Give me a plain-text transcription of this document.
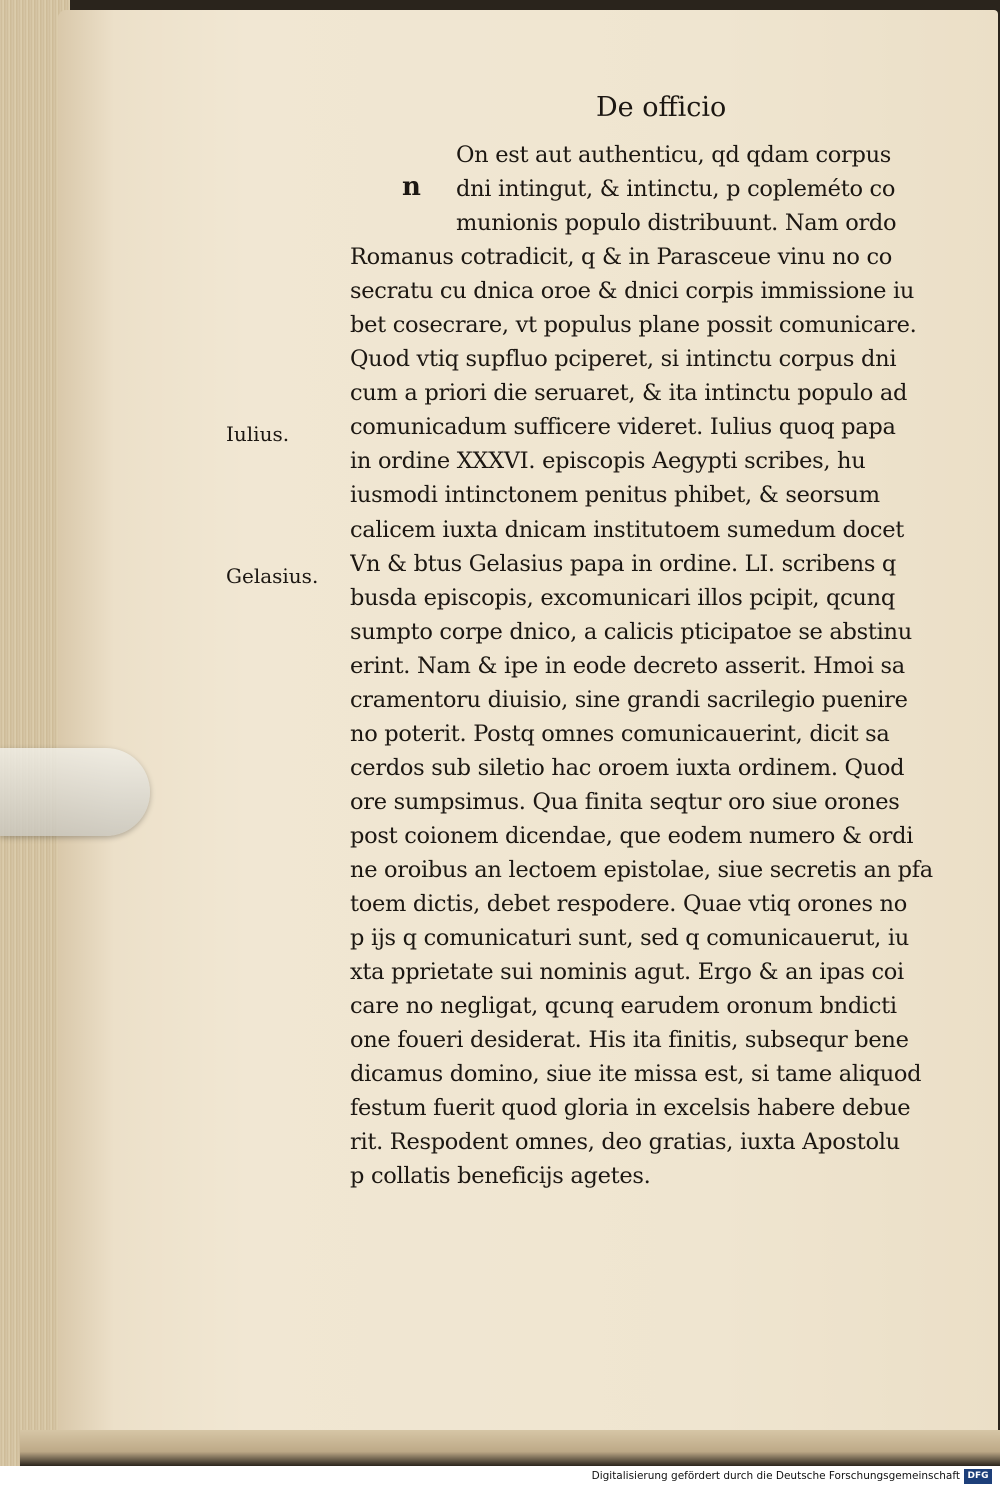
De officio
n
Iulius.
Gelasius.
On est aut authenticu, qd qdam corpus
dni intingut, & intinctu, p copleméto co
munionis populo distribuunt. Nam ordo
Romanus cotradicit, q & in Parasceue vinu no co
secratu cu dnica oroe & dnici corpis immissione iu
bet cosecrare, vt populus plane possit comunicare.
Quod vtiq supfluo pciperet, si intinctu corpus dni
cum a priori die seruaret, & ita intinctu populo ad
comunicadum sufficere videret. Iulius quoq papa
in ordine XXXVI. episcopis Aegypti scribes, hu
iusmodi intinctonem penitus phibet, & seorsum
calicem iuxta dnicam institutoem sumedum docet
Vn & btus Gelasius papa in ordine. LI. scribens q
busda episcopis, excomunicari illos pcipit, qcunq
sumpto corpe dnico, a calicis pticipatoe se abstinu
erint. Nam & ipe in eode decreto asserit. Hmoi sa
cramentoru diuisio, sine grandi sacrilegio puenire
no poterit. Postq omnes comunicauerint, dicit sa
cerdos sub siletio hac oroem iuxta ordinem. Quod
ore sumpsimus. Qua finita seqtur oro siue orones
post coionem dicendae, que eodem numero & ordi
ne oroibus an lectoem epistolae, siue secretis an pfa
toem dictis, debet respodere. Quae vtiq orones no
p ijs q comunicaturi sunt, sed q comunicauerut, iu
xta pprietate sui nominis agut. Ergo & an ipas coi
care no negligat, qcunq earudem oronum bndicti
one foueri desiderat. His ita finitis, subsequr bene
dicamus domino, siue ite missa est, si tame aliquod
festum fuerit quod gloria in excelsis habere debue
rit. Respodent omnes, deo gratias, iuxta Apostolu
p collatis beneficijs agetes.
Digitalisierung gefördert durch die Deutsche Forschungsgemeinschaft DFG
